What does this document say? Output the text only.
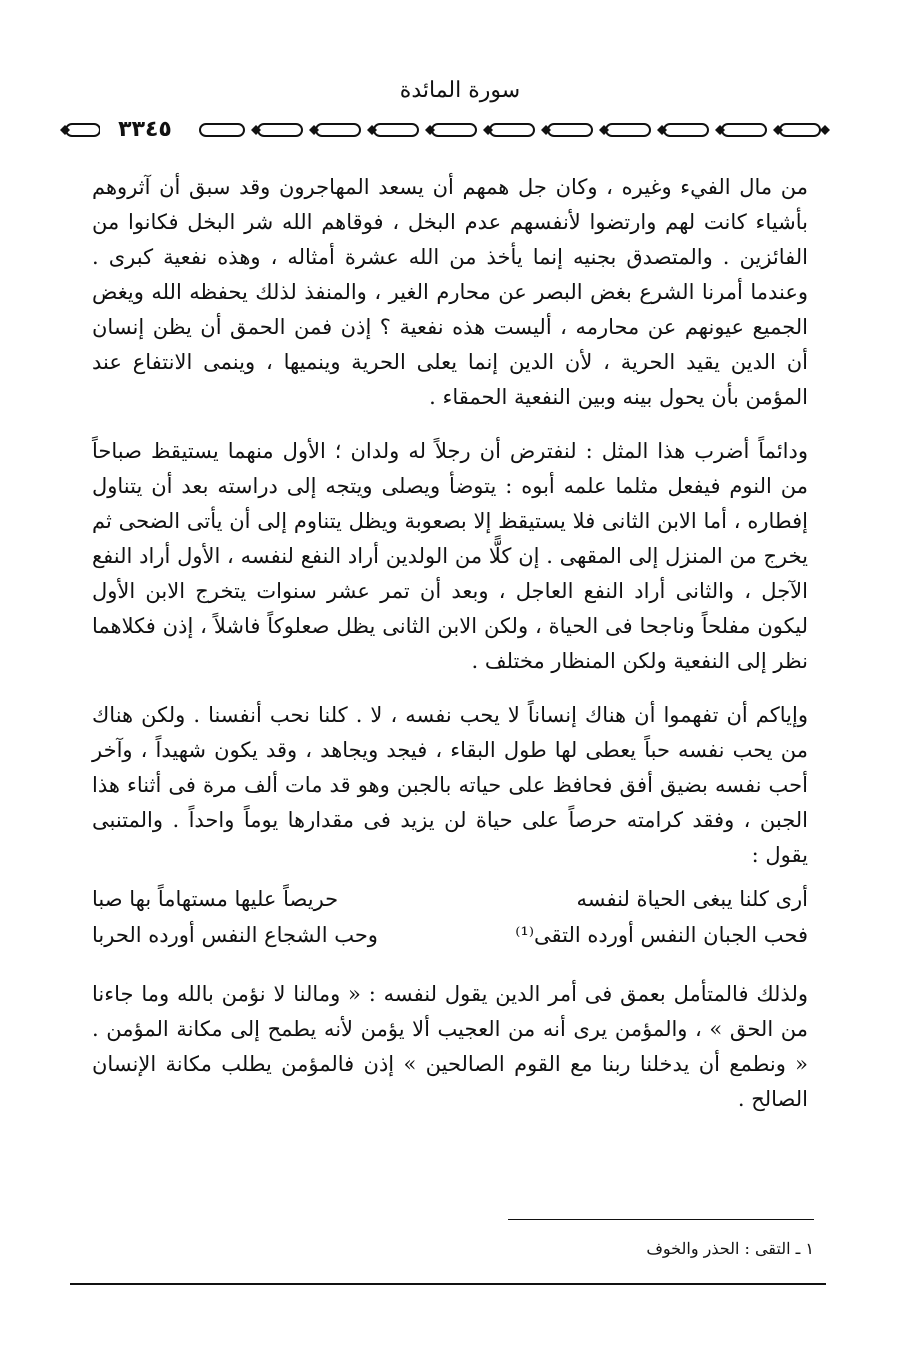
سورة المائدة
٣٣٤٥

من مال الفيء وغيره ، وكان جل همهم أن يسعد المهاجرون وقد سبق أن آثروهم بأشياء كانت لهم وارتضوا لأنفسهم عدم البخل ، فوقاهم الله شر البخل فكانوا من الفائزين . والمتصدق بجنيه إنما يأخذ من الله عشرة أمثاله ، وهذه نفعية كبرى . وعندما أمرنا الشرع بغض البصر عن محارم الغير ، والمنفذ لذلك يحفظه الله ويغض الجميع عيونهم عن محارمه ، أليست هذه نفعية ؟ إذن فمن الحمق أن يظن إنسان أن الدين يقيد الحرية ، لأن الدين إنما يعلى الحرية وينميها ، وينمى الانتفاع عند المؤمن بأن يحول بينه وبين النفعية الحمقاء .

ودائماً أضرب هذا المثل : لنفترض أن رجلاً له ولدان ؛ الأول منهما يستيقظ صباحاً من النوم فيفعل مثلما علمه أبوه : يتوضأ ويصلى ويتجه إلى دراسته بعد أن يتناول إفطاره ، أما الابن الثانى فلا يستيقظ إلا بصعوبة ويظل يتناوم إلى أن يأتى الضحى ثم يخرج من المنزل إلى المقهى . إن كلًّا من الولدين أراد النفع لنفسه ، الأول أراد النفع الآجل ، والثانى أراد النفع العاجل ، وبعد أن تمر عشر سنوات يتخرج الابن الأول ليكون مفلحاً وناجحا فى الحياة ، ولكن الابن الثانى يظل صعلوكاً فاشلاً ، إذن فكلاهما نظر إلى النفعية ولكن المنظار مختلف .

وإياكم أن تفهموا أن هناك إنساناً لا يحب نفسه ، لا . كلنا نحب أنفسنا . ولكن هناك من يحب نفسه حباً يعطى لها طول البقاء ، فيجد ويجاهد ، وقد يكون شهيداً ، وآخر أحب نفسه بضيق أفق فحافظ على حياته بالجبن وهو قد مات ألف مرة فى أثناء هذا الجبن ، وفقد كرامته حرصاً على حياة لن يزيد فى مقدارها يوماً واحداً . والمتنبى يقول :

أرى كلنا يبغى الحياة لنفسه
حريصاً عليها مستهاماً بها صبا
فحب الجبان النفس أورده التقى⁽¹⁾
وحب الشجاع النفس أورده الحربا

ولذلك فالمتأمل بعمق فى أمر الدين يقول لنفسه : « ومالنا لا نؤمن بالله وما جاءنا من الحق » ، والمؤمن يرى أنه من العجيب ألا يؤمن لأنه يطمح إلى مكانة المؤمن . « ونطمع أن يدخلنا ربنا مع القوم الصالحين » إذن فالمؤمن يطلب مكانة الإنسان الصالح .

١ ـ التقى : الحذر والخوف
